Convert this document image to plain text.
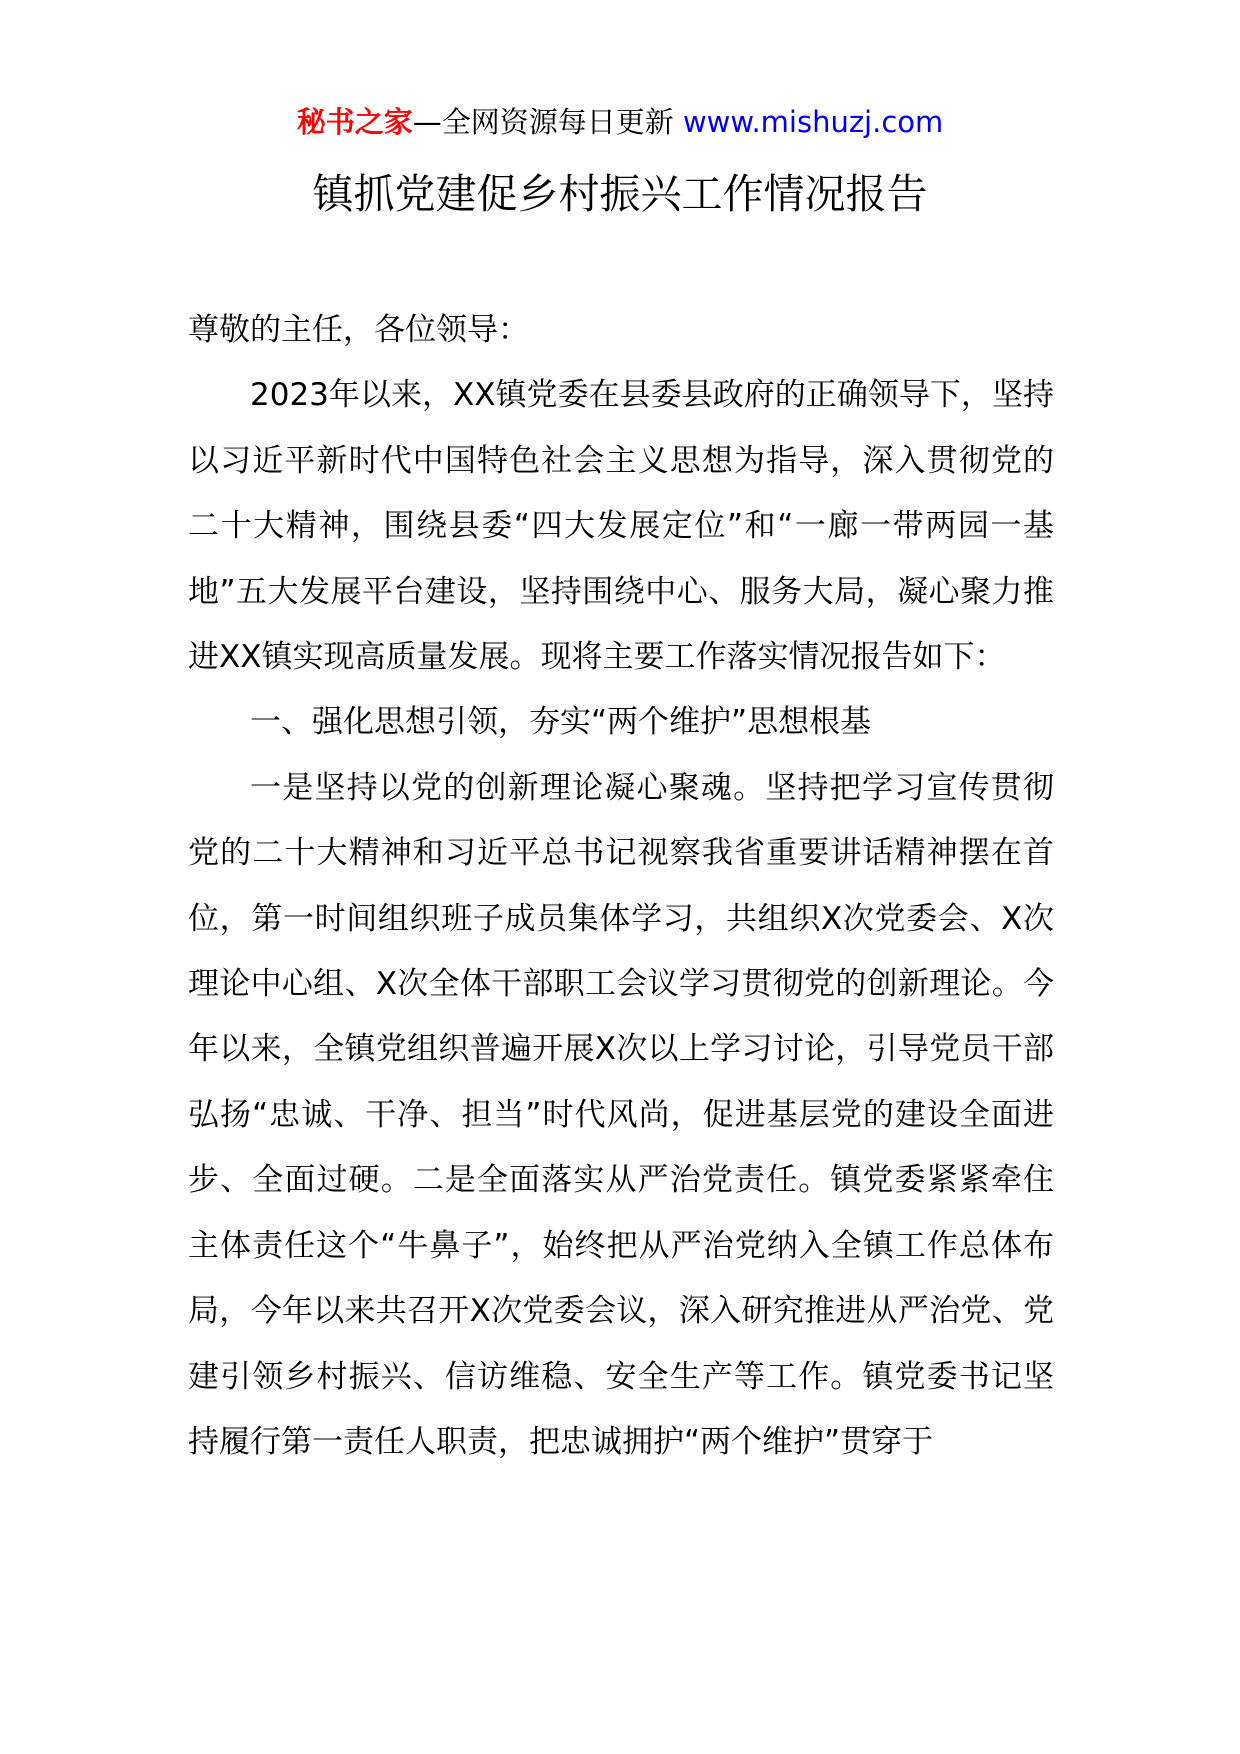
秘书之家—全网资源每日更新 www.mishuzj.com
镇抓党建促乡村振兴工作情况报告

尊敬的主任，各位领导：

2023年以来，XX镇党委在县委县政府的正确领导下，坚持以习近平新时代中国特色社会主义思想为指导，深入贯彻党的二十大精神，围绕县委“四大发展定位”和“一廊一带两园一基地”五大发展平台建设，坚持围绕中心、服务大局，凝心聚力推进XX镇实现高质量发展。现将主要工作落实情况报告如下：

一、强化思想引领，夯实“两个维护”思想根基

一是坚持以党的创新理论凝心聚魂。坚持把学习宣传贯彻党的二十大精神和习近平总书记视察我省重要讲话精神摆在首位，第一时间组织班子成员集体学习，共组织X次党委会、X次理论中心组、X次全体干部职工会议学习贯彻党的创新理论。今年以来，全镇党组织普遍开展X次以上学习讨论，引导党员干部弘扬“忠诚、干净、担当”时代风尚，促进基层党的建设全面进步、全面过硬。二是全面落实从严治党责任。镇党委紧紧牵住主体责任这个“牛鼻子”，始终把从严治党纳入全镇工作总体布局，今年以来共召开X次党委会议，深入研究推进从严治党、党建引领乡村振兴、信访维稳、安全生产等工作。镇党委书记坚持履行第一责任人职责，把忠诚拥护“两个维护”贯穿于
